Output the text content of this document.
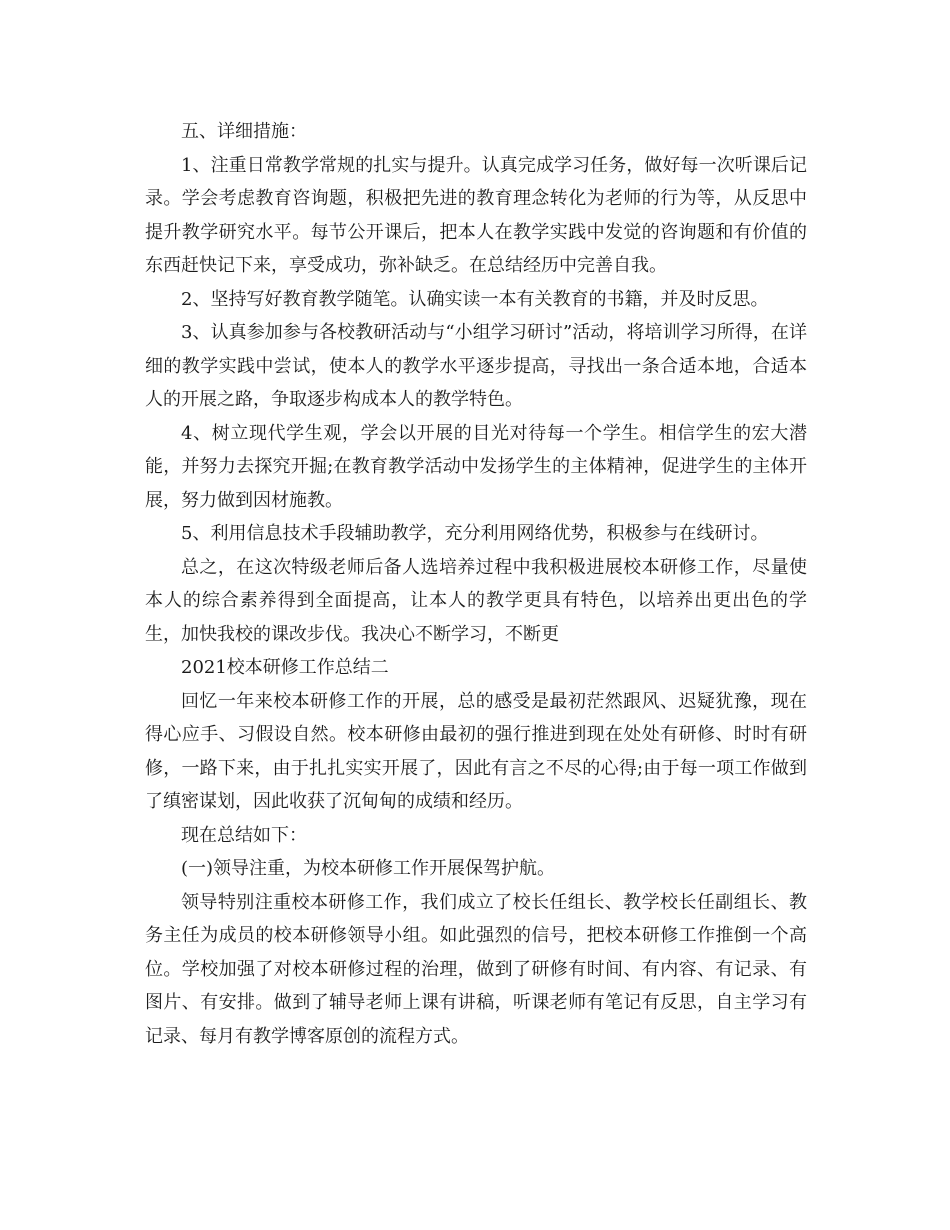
五、详细措施：

1、注重日常教学常规的扎实与提升。认真完成学习任务，做好每一次听课后记录。学会考虑教育咨询题，积极把先进的教育理念转化为老师的行为等，从反思中提升教学研究水平。每节公开课后，把本人在教学实践中发觉的咨询题和有价值的东西赶快记下来，享受成功，弥补缺乏。在总结经历中完善自我。

2、坚持写好教育教学随笔。认确实读一本有关教育的书籍，并及时反思。

3、认真参加参与各校教研活动与“小组学习研讨”活动，将培训学习所得，在详细的教学实践中尝试，使本人的教学水平逐步提高，寻找出一条合适本地，合适本人的开展之路，争取逐步构成本人的教学特色。

4、树立现代学生观，学会以开展的目光对待每一个学生。相信学生的宏大潜能，并努力去探究开掘;在教育教学活动中发扬学生的主体精神，促进学生的主体开展，努力做到因材施教。

5、利用信息技术手段辅助教学，充分利用网络优势，积极参与在线研讨。

总之，在这次特级老师后备人选培养过程中我积极进展校本研修工作，尽量使本人的综合素养得到全面提高，让本人的教学更具有特色，以培养出更出色的学生，加快我校的课改步伐。我决心不断学习，不断更

2021校本研修工作总结二

回忆一年来校本研修工作的开展，总的感受是最初茫然跟风、迟疑犹豫，现在得心应手、习假设自然。校本研修由最初的强行推进到现在处处有研修、时时有研修，一路下来，由于扎扎实实开展了，因此有言之不尽的心得;由于每一项工作做到了缜密谋划，因此收获了沉甸甸的成绩和经历。

现在总结如下：

(一)领导注重，为校本研修工作开展保驾护航。

领导特别注重校本研修工作，我们成立了校长任组长、教学校长任副组长、教务主任为成员的校本研修领导小组。如此强烈的信号，把校本研修工作推倒一个高位。学校加强了对校本研修过程的治理，做到了研修有时间、有内容、有记录、有图片、有安排。做到了辅导老师上课有讲稿，听课老师有笔记有反思，自主学习有记录、每月有教学博客原创的流程方式。
